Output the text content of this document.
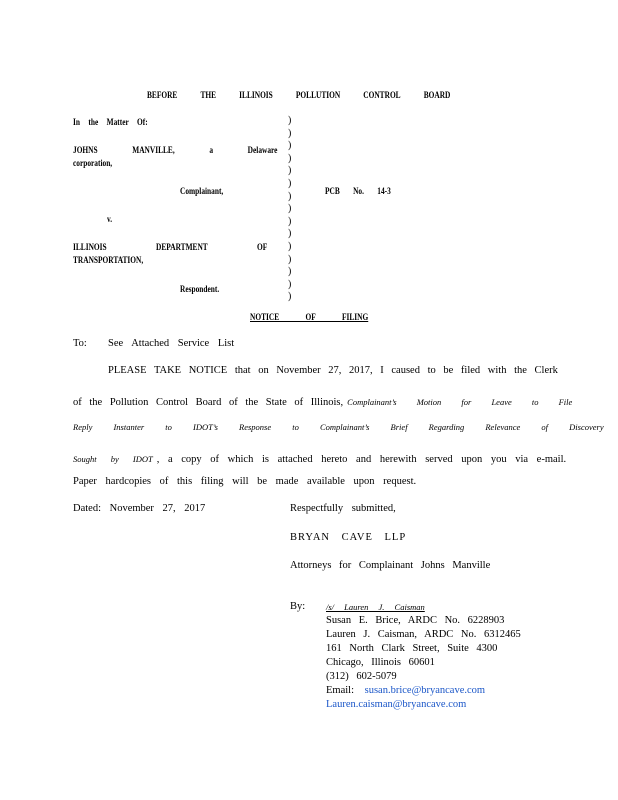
BEFORE	THE	ILLINOIS	POLLUTION	CONTROL	BOARD
In the Matter Of:
JOHNS MANVILLE, a Delaware
corporation,
Complainant,
v.
ILLINOIS DEPARTMENT OF
TRANSPORTATION,
Respondent.
)
)
)
)
)
)
)
)
)
)
)
)
)
)
)
PCB No. 14-3
NOTICE OF FILING
To: See Attached Service List
PLEASE TAKE NOTICE that on November 27, 2017, I caused to be filed with the Clerk
of the Pollution Control Board of the State of Illinois, Complainant’s Motion for Leave to File
Reply Instanter to IDOT’s Response to Complainant’s Brief Regarding Relevance of Discovery
Sought by IDOT , a copy of which is attached hereto and herewith served upon you via e-mail.
Paper hardcopies of this filing will be made available upon request.
Dated: November 27, 2017	Respectfully submitted,
BRYAN CAVE LLP
Attorneys for Complainant Johns Manville
By: /s/ Lauren J. Caisman
Susan E. Brice, ARDC No. 6228903
Lauren J. Caisman, ARDC No. 6312465
161 North Clark Street, Suite 4300
Chicago, Illinois 60601
(312) 602-5079
Email: susan.brice@bryancave.com
Lauren.caisman@bryancave.com
